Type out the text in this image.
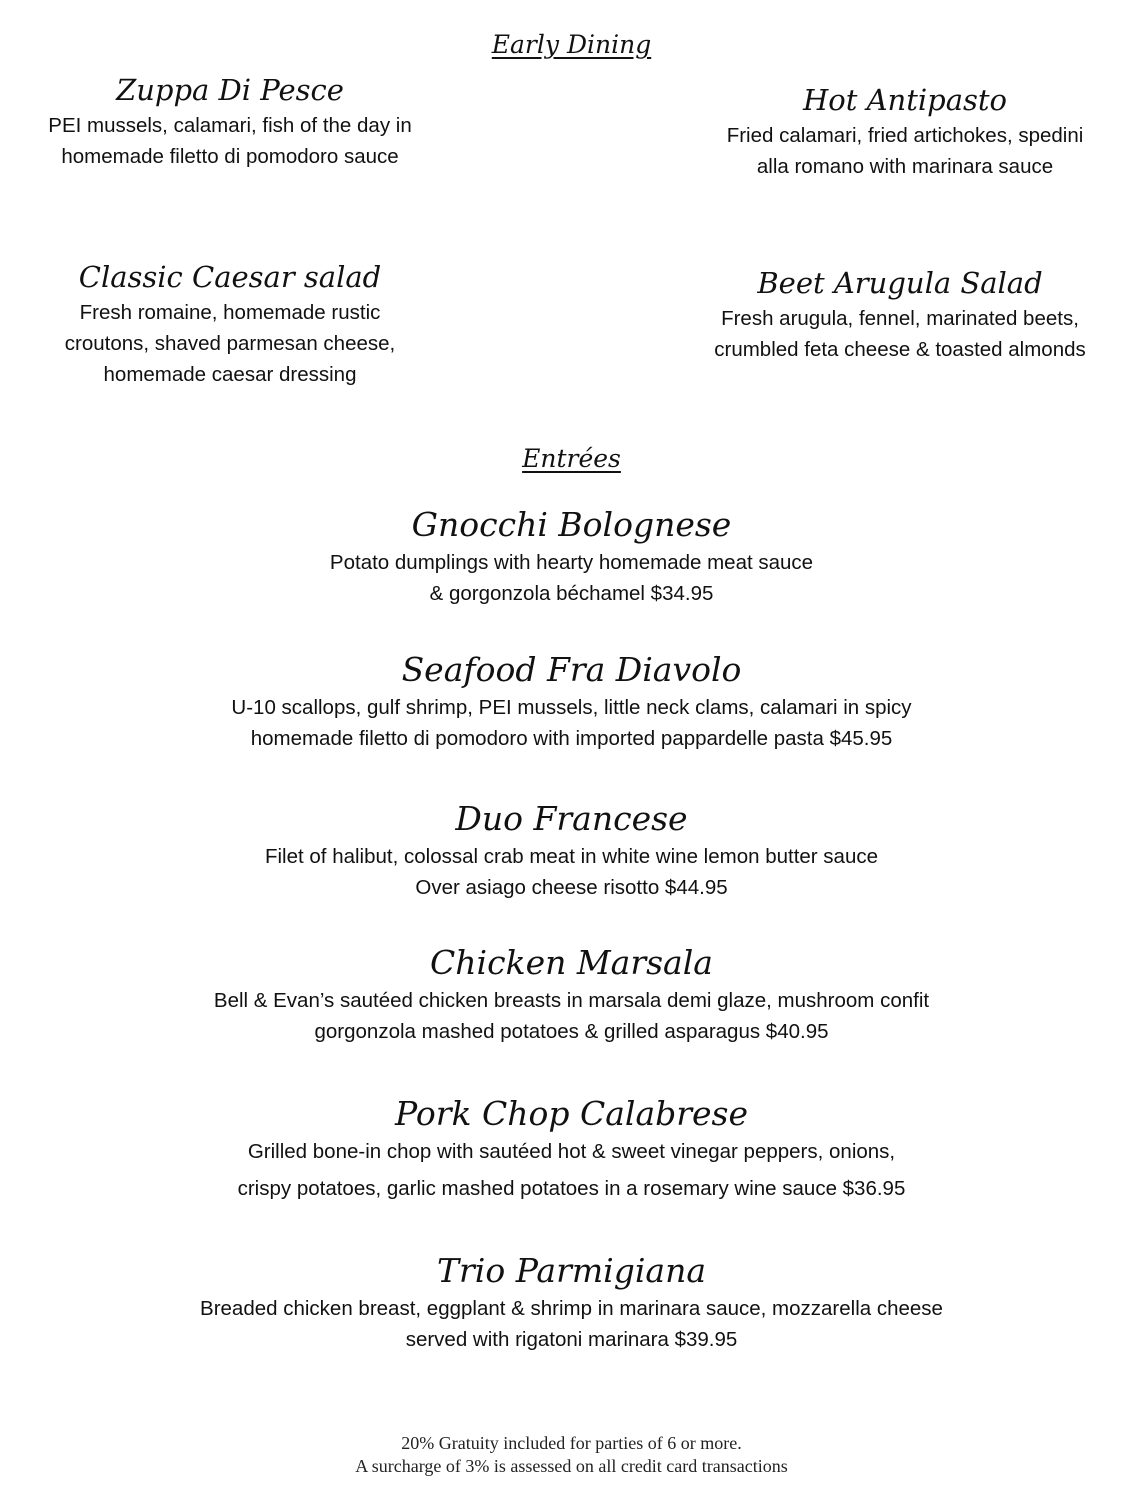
Early Dining
Zuppa Di Pesce
PEI mussels, calamari, fish of the day in
homemade filetto di pomodoro sauce
Hot Antipasto
Fried calamari, fried artichokes, spedini
alla romano with marinara sauce
Classic Caesar salad
Fresh romaine, homemade rustic
croutons, shaved parmesan cheese,
homemade caesar dressing
Beet Arugula Salad
Fresh arugula, fennel, marinated beets,
crumbled feta cheese & toasted almonds
Entrées
Gnocchi Bolognese
Potato dumplings with hearty homemade meat sauce
& gorgonzola béchamel $34.95
Seafood Fra Diavolo
U-10 scallops, gulf shrimp, PEI mussels, little neck clams, calamari in spicy
homemade filetto di pomodoro with imported pappardelle pasta $45.95
Duo Francese
Filet of halibut, colossal crab meat in white wine lemon butter sauce
Over asiago cheese risotto $44.95
Chicken Marsala
Bell & Evan’s sautéed chicken breasts in marsala demi glaze, mushroom confit
gorgonzola mashed potatoes & grilled asparagus $40.95
Pork Chop Calabrese
Grilled bone-in chop with sautéed hot & sweet vinegar peppers, onions,
crispy potatoes, garlic mashed potatoes in a rosemary wine sauce $36.95
Trio Parmigiana
Breaded chicken breast, eggplant & shrimp in marinara sauce, mozzarella cheese
served with rigatoni marinara $39.95
20% Gratuity included for parties of 6 or more.
A surcharge of 3% is assessed on all credit card transactions
